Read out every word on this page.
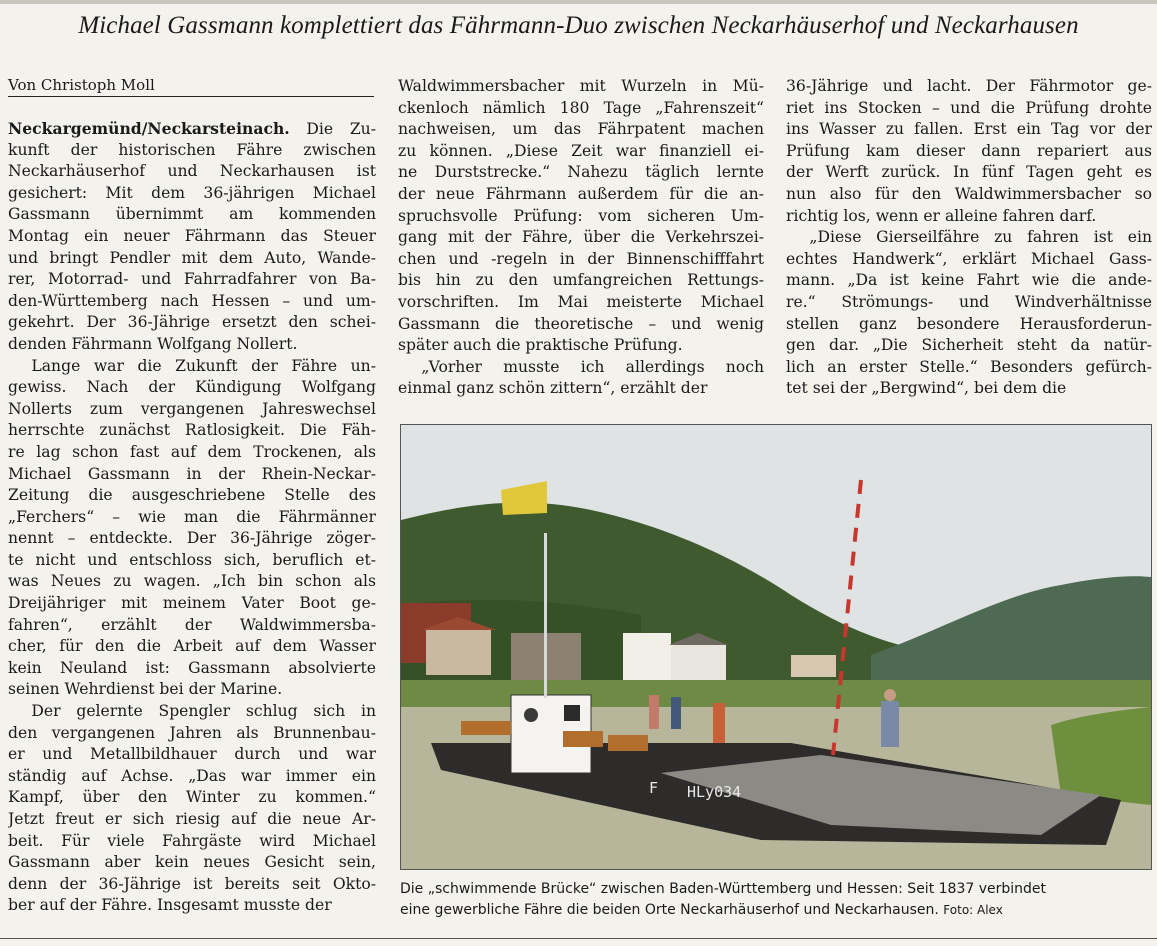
Michael Gassmann komplettiert das Fährmann-Duo zwischen Neckarhäuserhof und Neckarhausen
Von Christoph Moll
Neckargemünd/Neckarsteinach. Die Zu-
kunft der historischen Fähre zwischen
Neckarhäuserhof und Neckarhausen ist
gesichert: Mit dem 36-jährigen Michael
Gassmann übernimmt am kommenden
Montag ein neuer Fährmann das Steuer
und bringt Pendler mit dem Auto, Wande-
rer, Motorrad- und Fahrradfahrer von Ba-
den-Württemberg nach Hessen – und um-
gekehrt. Der 36-Jährige ersetzt den schei-
denden Fährmann Wolfgang Nollert.
  Lange war die Zukunft der Fähre un-
gewiss. Nach der Kündigung Wolfgang
Nollerts zum vergangenen Jahreswechsel
herrschte zunächst Ratlosigkeit. Die Fäh-
re lag schon fast auf dem Trockenen, als
Michael Gassmann in der Rhein-Neckar-
Zeitung die ausgeschriebene Stelle des
„Ferchers“ – wie man die Fährmänner
nennt – entdeckte. Der 36-Jährige zöger-
te nicht und entschloss sich, beruflich et-
was Neues zu wagen. „Ich bin schon als
Dreijähriger mit meinem Vater Boot ge-
fahren“, erzählt der Waldwimmersba-
cher, für den die Arbeit auf dem Wasser
kein Neuland ist: Gassmann absolvierte
seinen Wehrdienst bei der Marine.
  Der gelernte Spengler schlug sich in
den vergangenen Jahren als Brunnenbau-
er und Metallbildhauer durch und war
ständig auf Achse. „Das war immer ein
Kampf, über den Winter zu kommen.“
Jetzt freut er sich riesig auf die neue Ar-
beit. Für viele Fahrgäste wird Michael
Gassmann aber kein neues Gesicht sein,
denn der 36-Jährige ist bereits seit Okto-
ber auf der Fähre. Insgesamt musste der
Waldwimmersbacher mit Wurzeln in Mü-
ckenloch nämlich 180 Tage „Fahrenszeit“
nachweisen, um das Fährpatent machen
zu können. „Diese Zeit war finanziell ei-
ne Durststrecke.“ Nahezu täglich lernte
der neue Fährmann außerdem für die an-
spruchsvolle Prüfung: vom sicheren Um-
gang mit der Fähre, über die Verkehrszei-
chen und -regeln in der Binnenschifffahrt
bis hin zu den umfangreichen Rettungs-
vorschriften. Im Mai meisterte Michael
Gassmann die theoretische – und wenig
später auch die praktische Prüfung.
  „Vorher musste ich allerdings noch
einmal ganz schön zittern“, erzählt der
36-Jährige und lacht. Der Fährmotor ge-
riet ins Stocken – und die Prüfung drohte
ins Wasser zu fallen. Erst ein Tag vor der
Prüfung kam dieser dann repariert aus
der Werft zurück. In fünf Tagen geht es
nun also für den Waldwimmersbacher so
richtig los, wenn er alleine fahren darf.
  „Diese Gierseilfähre zu fahren ist ein
echtes Handwerk“, erklärt Michael Gass-
mann. „Da ist keine Fahrt wie die ande-
re.“ Strömungs- und Windverhältnisse
stellen ganz besondere Herausforderun-
gen dar. „Die Sicherheit steht da natür-
lich an erster Stelle.“ Besonders gefürch-
tet sei der „Bergwind“, bei dem die
F HLy034
Die „schwimmende Brücke“ zwischen Baden-Württemberg und Hessen: Seit 1837 verbindet
eine gewerbliche Fähre die beiden Orte Neckarhäuserhof und Neckarhausen. Foto: Alex
